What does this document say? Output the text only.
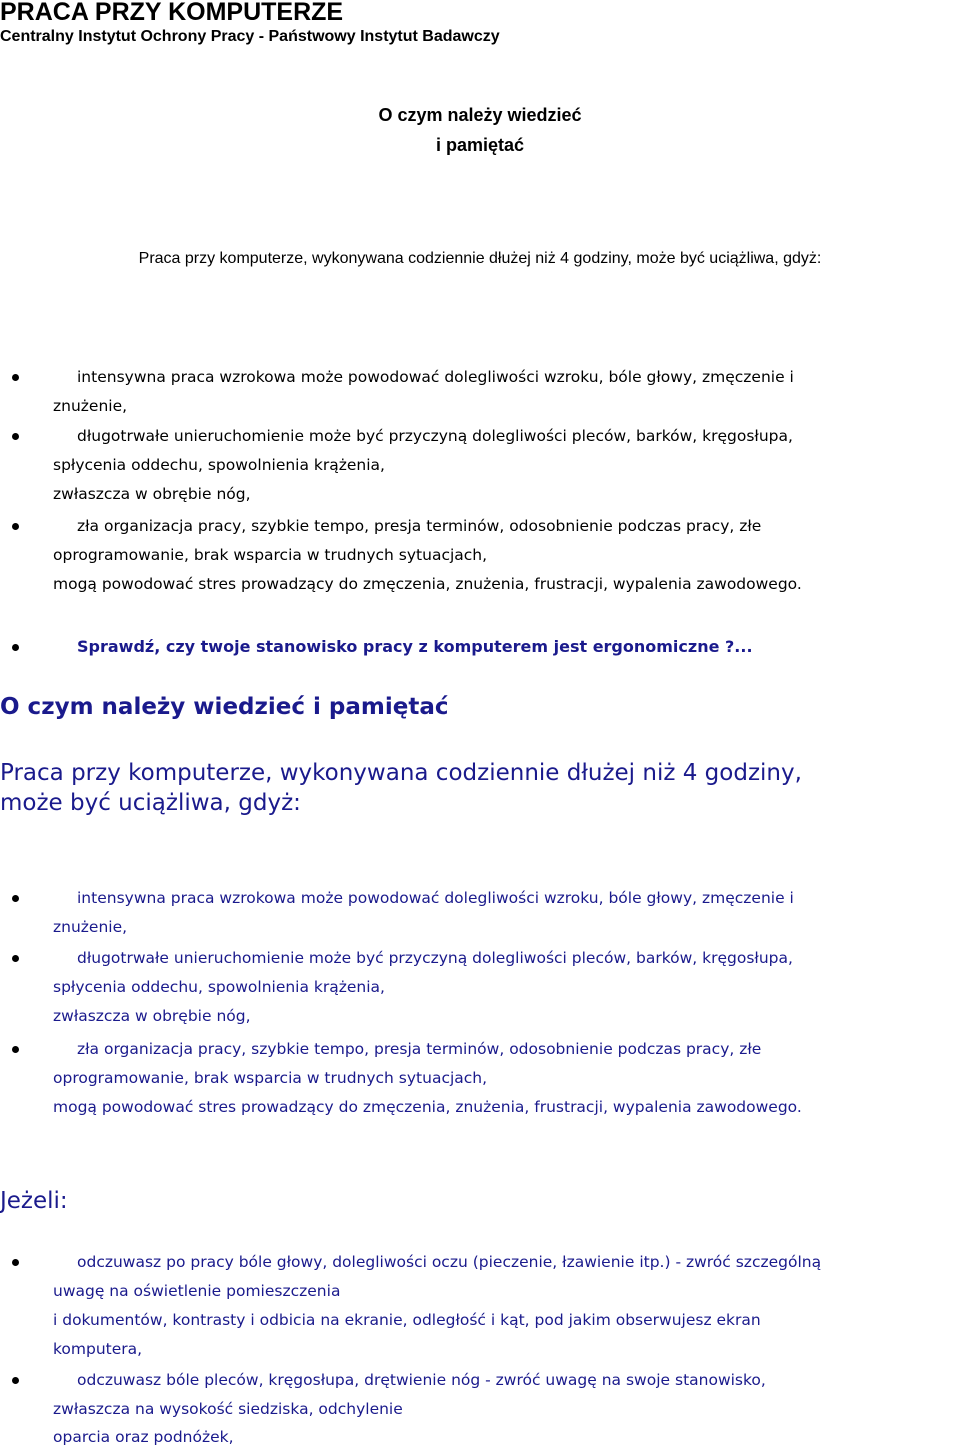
PRACA PRZY KOMPUTERZE
Centralny Instytut Ochrony Pracy - Państwowy Instytut Badawczy
O czym należy wiedzieć
i pamiętać
Praca przy komputerze, wykonywana codziennie dłużej niż 4 godziny, może być uciążliwa, gdyż:
intensywna praca wzrokowa może powodować dolegliwości wzroku, bóle głowy, zmęczenie i
znużenie,
długotrwałe unieruchomienie może być przyczyną dolegliwości pleców, barków, kręgosłupa,
spłycenia oddechu, spowolnienia krążenia,
zwłaszcza w obrębie nóg,
zła organizacja pracy, szybkie tempo, presja terminów, odosobnienie podczas pracy, złe
oprogramowanie, brak wsparcia w trudnych sytuacjach,
mogą powodować stres prowadzący do zmęczenia, znużenia, frustracji, wypalenia zawodowego.
Sprawdź, czy twoje stanowisko pracy z komputerem jest ergonomiczne ?...
O czym należy wiedzieć i pamiętać
Praca przy komputerze, wykonywana codziennie dłużej niż 4 godziny,
może być uciążliwa, gdyż:
intensywna praca wzrokowa może powodować dolegliwości wzroku, bóle głowy, zmęczenie i
znużenie,
długotrwałe unieruchomienie może być przyczyną dolegliwości pleców, barków, kręgosłupa,
spłycenia oddechu, spowolnienia krążenia,
zwłaszcza w obrębie nóg,
zła organizacja pracy, szybkie tempo, presja terminów, odosobnienie podczas pracy, złe
oprogramowanie, brak wsparcia w trudnych sytuacjach,
mogą powodować stres prowadzący do zmęczenia, znużenia, frustracji, wypalenia zawodowego.
Jeżeli:
odczuwasz po pracy bóle głowy, dolegliwości oczu (pieczenie, łzawienie itp.) - zwróć szczególną
uwagę na oświetlenie pomieszczenia
i dokumentów, kontrasty i odbicia na ekranie, odległość i kąt, pod jakim obserwujesz ekran
komputera,
odczuwasz bóle pleców, kręgosłupa, drętwienie nóg - zwróć uwagę na swoje stanowisko,
zwłaszcza na wysokość siedziska, odchylenie
oparcia oraz podnóżek,
